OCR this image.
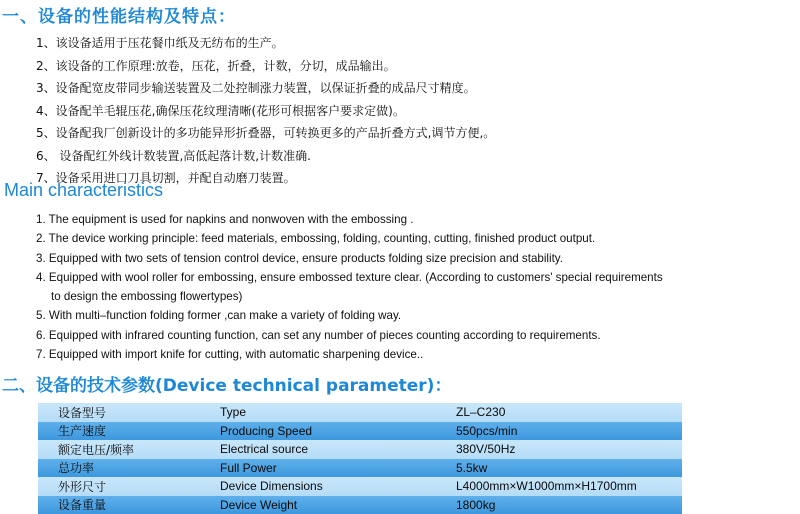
一、设备的性能结构及特点：
1、该设备适用于压花餐巾纸及无纺布的生产。
2、该设备的工作原理:放卷，压花，折叠，计数，分切，成品输出。
3、设备配宽皮带同步输送装置及二处控制涨力装置，以保证折叠的成品尺寸精度。
4、设备配羊毛辊压花,确保压花纹理清晰(花形可根据客户要求定做)。
5、设备配我厂创新设计的多功能异形折叠器，可转换更多的产品折叠方式,调节方便,。
6、 设备配红外线计数装置,高低起落计数,计数准确.
7、设备采用进口刀具切割，并配自动磨刀装置。
Main characteristics
1. The equipment is used for napkins and nonwoven with the embossing .
2. The device working principle: feed materials, embossing, folding, counting, cutting, finished product output.
3. Equipped with two sets of tension control device, ensure products folding size precision and stability.
4. Equipped with wool roller for embossing, ensure embossed texture clear. (According to customers' special requirements
to design the embossing flowertypes)
5. With multi–function folding former ,can make a variety of folding way.
6. Equipped with infrared counting function, can set any number of pieces counting according to requirements.
7. Equipped with import knife for cutting, with automatic sharpening device..
二、设备的技术参数(Device technical parameter)：
设备型号	Type	ZL–C230
生产速度	Producing Speed	550pcs/min
额定电压/频率	Electrical source	380V/50Hz
总功率	Full Power	5.5kw
外形尺寸	Device Dimensions	L4000mm×W1000mm×H1700mm
设备重量	Device Weight	1800kg
